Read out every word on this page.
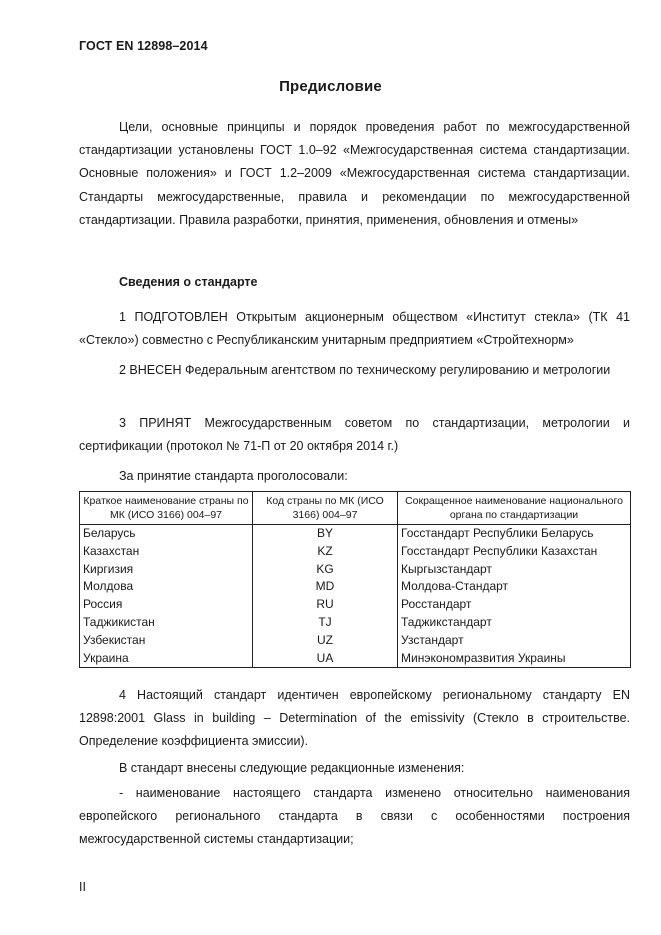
ГОСТ EN 12898–2014
Предисловие

Цели, основные принципы и порядок проведения работ по межгосударственной стандартизации установлены ГОСТ 1.0–92 «Межгосударственная система стандартизации. Основные положения» и ГОСТ 1.2–2009 «Межгосударственная система стандартизации. Стандарты межгосударственные, правила и рекомендации по межгосударственной стандартизации. Правила разработки, принятия, применения, обновления и отмены»

Сведения о стандарте

1 ПОДГОТОВЛЕН Открытым акционерным обществом «Институт стекла» (ТК 41 «Стекло») совместно с Республиканским унитарным предприятием «Стройтехнорм»

2 ВНЕСЕН Федеральным агентством по техническому регулированию и метрологии

3 ПРИНЯТ Межгосударственным советом по стандартизации, метрологии и сертификации (протокол № 71-П от 20 октября 2014 г.)

За принятие стандарта проголосовали:
Краткое наименование страны по МК (ИСО 3166) 004–97	Код страны по МК (ИСО 3166) 004–97	Сокращенное наименование национального органа по стандартизации
Беларусь	BY	Госстандарт Республики Беларусь
Казахстан	KZ	Госстандарт Республики Казахстан
Киргизия	KG	Кыргызстандарт
Молдова	MD	Молдова-Стандарт
Россия	RU	Росстандарт
Таджикистан	TJ	Таджикстандарт
Узбекистан	UZ	Узстандарт
Украина	UA	Минэкономразвития Украины

4 Настоящий стандарт идентичен европейскому региональному стандарту EN 12898:2001 Glass in building – Determination of the emissivity (Стекло в строительстве. Определение коэффициента эмиссии).

В стандарт внесены следующие редакционные изменения:

- наименование настоящего стандарта изменено относительно наименования европейского регионального стандарта в связи с особенностями построения межгосударственной системы стандартизации;

II
